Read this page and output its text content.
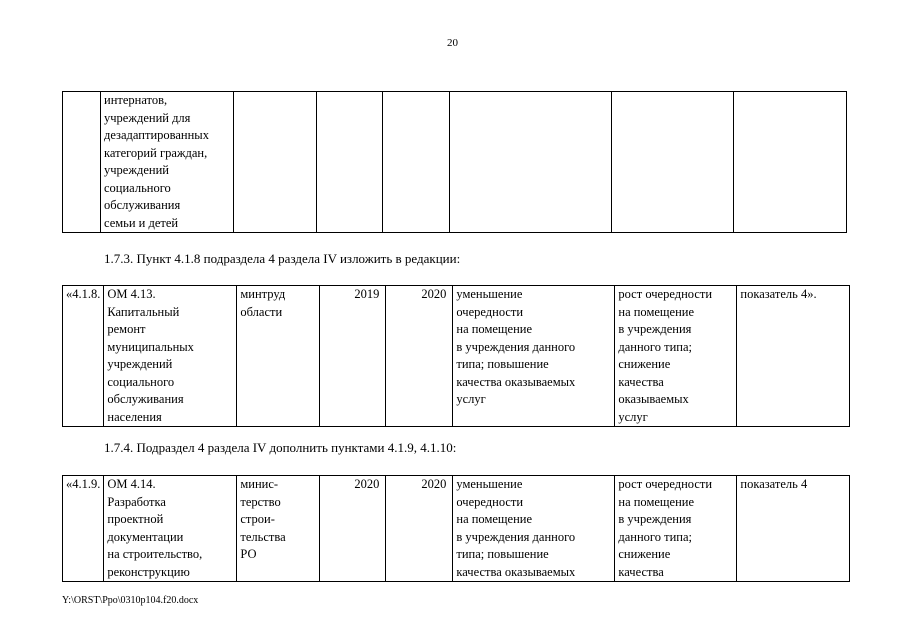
20
	интернатов,
учреждений для
дезадаптированных
категорий граждан,
учреждений
социального
обслуживания
семьи и детей						
1.7.3. Пункт 4.1.8 подраздела 4 раздела IV изложить в редакции:
«4.1.8.	ОМ 4.13.
Капитальный
ремонт
муниципальных
учреждений
социального
обслуживания
населения	минтруд
области	2019	2020	уменьшение
очередности
на помещение
в учреждения данного
типа; повышение
качества оказываемых
услуг	рост очередности
на помещение
в учреждения
данного типа;
снижение
качества
оказываемых
услуг	показатель 4».
1.7.4. Подраздел 4 раздела IV дополнить пунктами 4.1.9, 4.1.10:
«4.1.9.	ОМ 4.14.
Разработка
проектной
документации
на строительство,
реконструкцию	минис-
терство
строи-
тельства
РО	2020	2020	уменьшение
очередности
на помещение
в учреждения данного
типа; повышение
качества оказываемых	рост очередности
на помещение
в учреждения
данного типа;
снижение
качества	показатель 4
Y:\ORST\Ppo\0310p104.f20.docx
